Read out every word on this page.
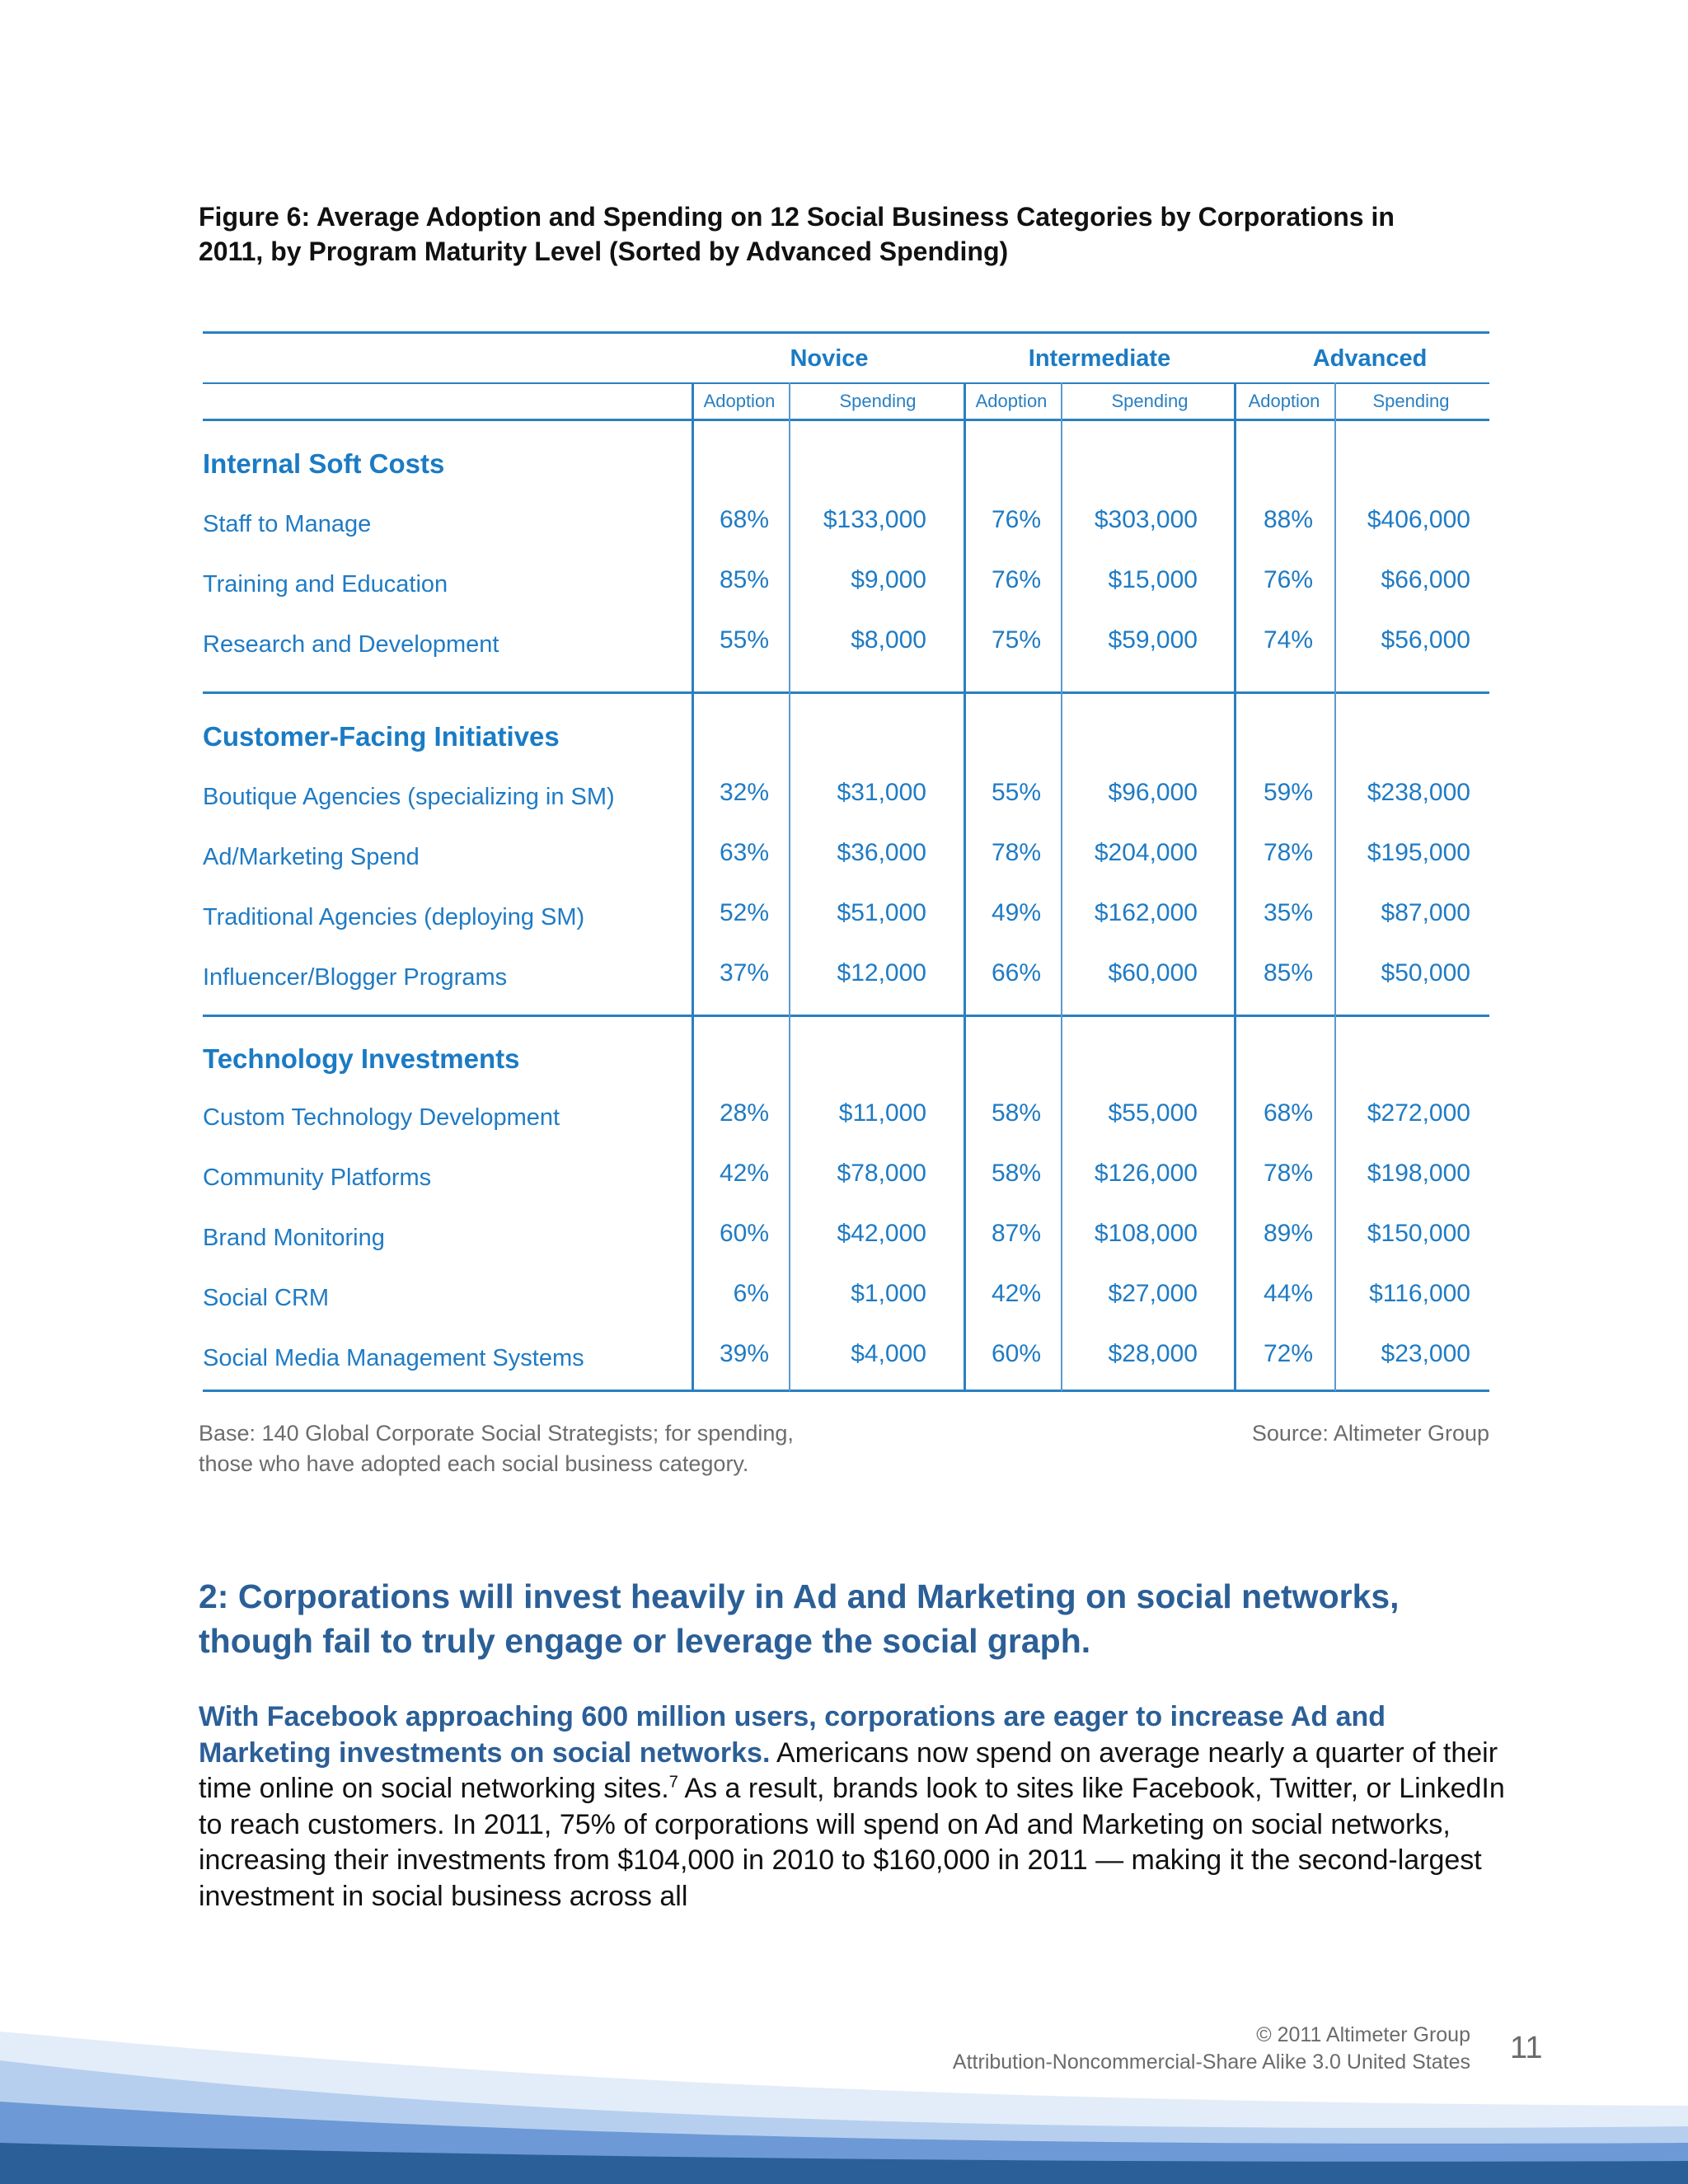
Figure 6: Average Adoption and Spending on 12 Social Business Categories by Corporations in
2011, by Program Maturity Level (Sorted by Advanced Spending)
Novice	Intermediate	Advanced
Adoption	Spending	Adoption	Spending	Adoption	Spending
Internal Soft Costs
Staff to Manage	68%	$133,000	76%	$303,000	88%	$406,000
Training and Education	85%	$9,000	76%	$15,000	76%	$66,000
Research and Development	55%	$8,000	75%	$59,000	74%	$56,000
Customer-Facing Initiatives
Boutique Agencies (specializing in SM)	32%	$31,000	55%	$96,000	59%	$238,000
Ad/Marketing Spend	63%	$36,000	78%	$204,000	78%	$195,000
Traditional Agencies (deploying SM)	52%	$51,000	49%	$162,000	35%	$87,000
Influencer/Blogger Programs	37%	$12,000	66%	$60,000	85%	$50,000
Technology Investments
Custom Technology Development	28%	$11,000	58%	$55,000	68%	$272,000
Community Platforms	42%	$78,000	58%	$126,000	78%	$198,000
Brand Monitoring	60%	$42,000	87%	$108,000	89%	$150,000
Social CRM	6%	$1,000	42%	$27,000	44%	$116,000
Social Media Management Systems	39%	$4,000	60%	$28,000	72%	$23,000
Base: 140 Global Corporate Social Strategists; for spending, those who have adopted each social business category.
Source: Altimeter Group
2: Corporations will invest heavily in Ad and Marketing on social networks,
though fail to truly engage or leverage the social graph.

With Facebook approaching 600 million users, corporations are eager to increase Ad and Marketing investments on social networks. Americans now spend on average nearly a quarter of their time online on social networking sites.$^7$ As a result, brands look to sites like Facebook, Twitter, or LinkedIn to reach customers. In 2011, 75% of corporations will spend on Ad and Marketing on social networks, increasing their investments from $104,000 in 2010 to $160,000 in 2011 — making it the second-largest investment in social business across all

© 2011 Altimeter Group
Attribution-Noncommercial-Share Alike 3.0 United States 11
